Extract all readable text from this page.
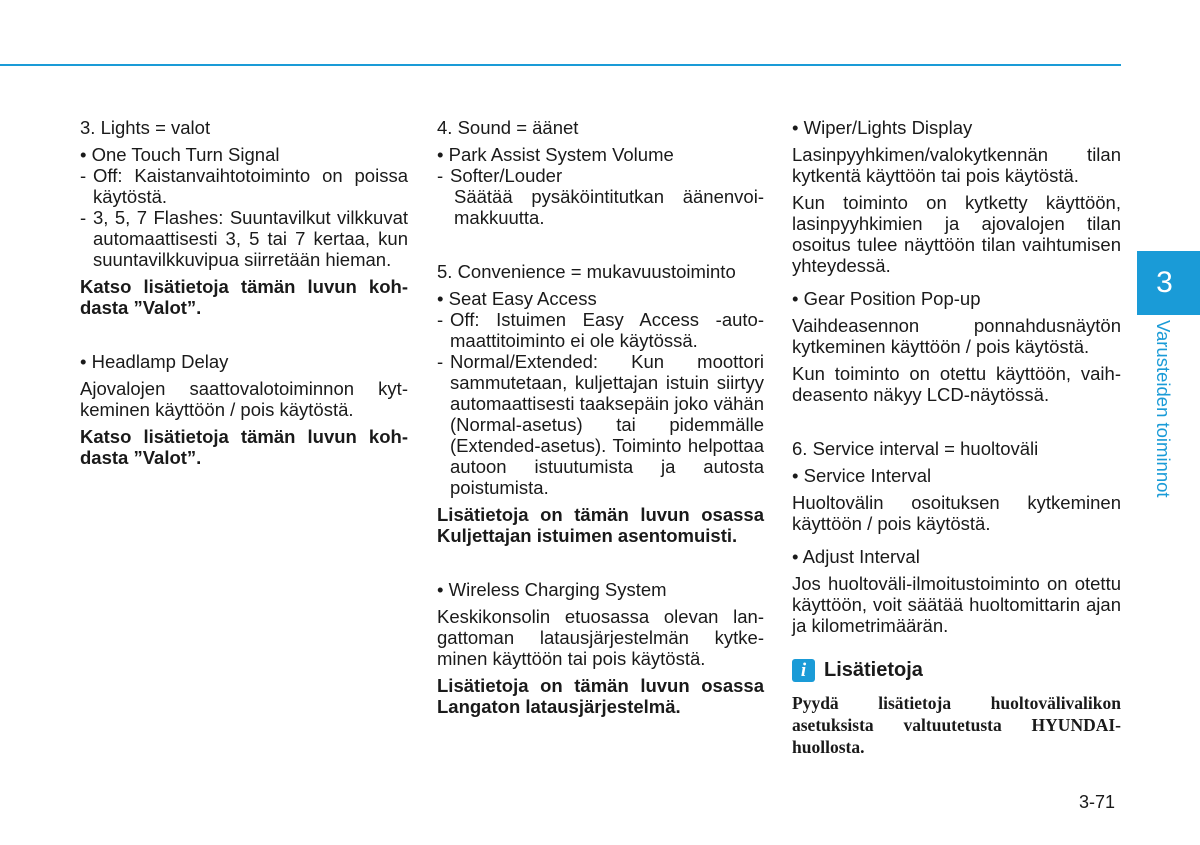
3. Lights = valot

• One Touch Turn Signal

- Off: Kaistanvaihtotoiminto on poissa käytöstä.

- 3, 5, 7 Flashes: Suuntavilkut vilkkuvat automaattisesti 3, 5 tai 7 kertaa, kun suuntavilkkuvipua siirretään hieman.

Katso lisätietoja tämän luvun kohdasta ”Valot”.

• Headlamp Delay

Ajovalojen saattovalotoiminnon kytkeminen käyttöön / pois käytöstä.

Katso lisätietoja tämän luvun kohdasta ”Valot”.

4. Sound = äänet

• Park Assist System Volume

- Softer/Louder

Säätää pysäköintitutkan äänenvoimakkuutta.

5. Convenience = mukavuustoiminto

• Seat Easy Access

- Off: Istuimen Easy Access -automaattitoiminto ei ole käytössä.

- Normal/Extended: Kun moottori sammutetaan, kuljettajan istuin siirtyy automaattisesti taaksepäin joko vähän (Normal-asetus) tai pidemmälle (Extended-asetus). Toiminto helpottaa autoon istuutumista ja autosta poistumista.

Lisätietoja on tämän luvun osassa Kuljettajan istuimen asentomuisti.

• Wireless Charging System

Keskikonsolin etuosassa olevan langattoman latausjärjestelmän kytkeminen käyttöön tai pois käytöstä.

Lisätietoja on tämän luvun osassa Langaton latausjärjestelmä.

• Wiper/Lights Display

Lasinpyyhkimen/valokytkennän tilan kytkentä käyttöön tai pois käytöstä.

Kun toiminto on kytketty käyttöön, lasinpyyhkimien ja ajovalojen tilan osoitus tulee näyttöön tilan vaihtumisen yhteydessä.

• Gear Position Pop-up

Vaihdeasennon ponnahdusnäytön kytkeminen käyttöön / pois käytöstä.

Kun toiminto on otettu käyttöön, vaihdeasento näkyy LCD-näytössä.

6. Service interval = huoltoväli

• Service Interval

Huoltovälin osoituksen kytkeminen käyttöön / pois käytöstä.

• Adjust Interval

Jos huoltoväli-ilmoitustoiminto on otettu käyttöön, voit säätää huoltomittarin ajan ja kilometrimäärän.

i Lisätietoja
Pyydä lisätietoja huoltovälivalikon asetuksista valtuutetusta HYUNDAI-huollosta.
3
Varusteiden toiminnot
3-71
